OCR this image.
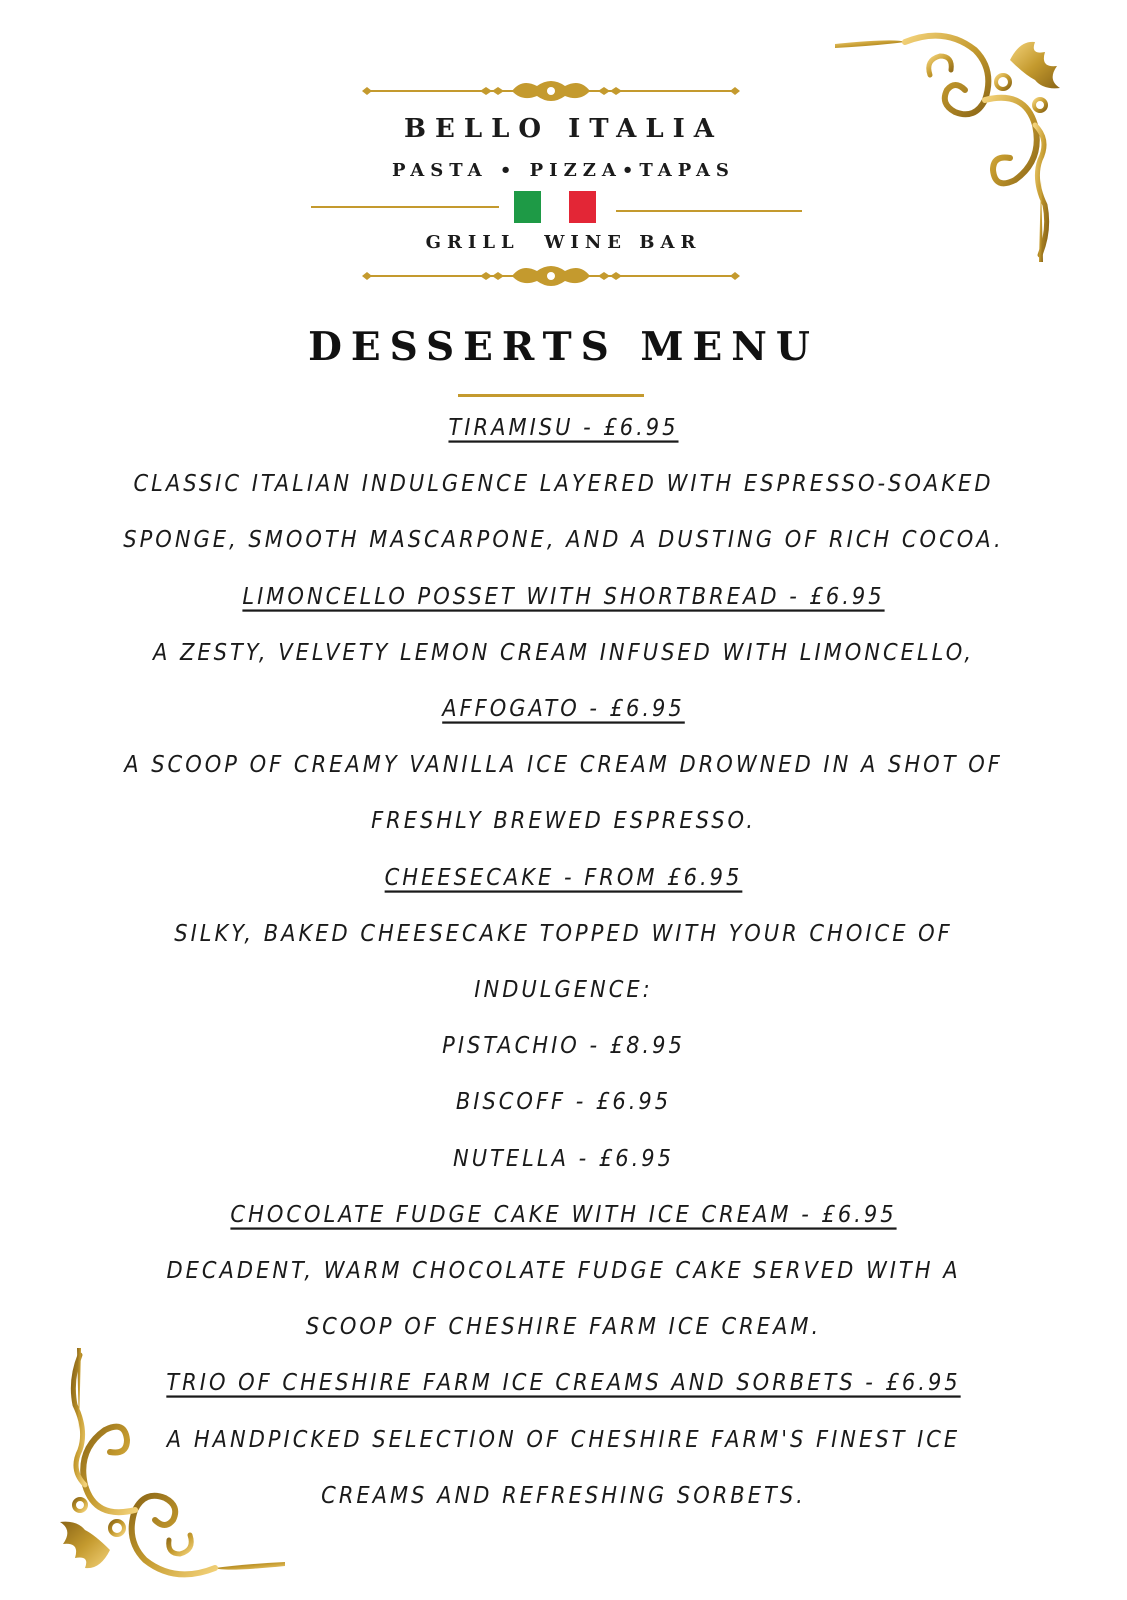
BELLO ITALIA
PASTA • PIZZA•TAPAS
GRILL  WINE BAR
DESSERTS MENU
TIRAMISU - £6.95
CLASSIC ITALIAN INDULGENCE LAYERED WITH ESPRESSO-SOAKED
SPONGE, SMOOTH MASCARPONE, AND A DUSTING OF RICH COCOA.
LIMONCELLO POSSET WITH SHORTBREAD - £6.95
A ZESTY, VELVETY LEMON CREAM INFUSED WITH LIMONCELLO,
AFFOGATO - £6.95
A SCOOP OF CREAMY VANILLA ICE CREAM DROWNED IN A SHOT OF
FRESHLY BREWED ESPRESSO.
CHEESECAKE - FROM £6.95
SILKY, BAKED CHEESECAKE TOPPED WITH YOUR CHOICE OF
INDULGENCE:
PISTACHIO - £8.95
BISCOFF - £6.95
NUTELLA - £6.95
CHOCOLATE FUDGE CAKE WITH ICE CREAM - £6.95
DECADENT, WARM CHOCOLATE FUDGE CAKE SERVED WITH A
SCOOP OF CHESHIRE FARM ICE CREAM.
TRIO OF CHESHIRE FARM ICE CREAMS AND SORBETS - £6.95
A HANDPICKED SELECTION OF CHESHIRE FARM'S FINEST ICE
CREAMS AND REFRESHING SORBETS.
